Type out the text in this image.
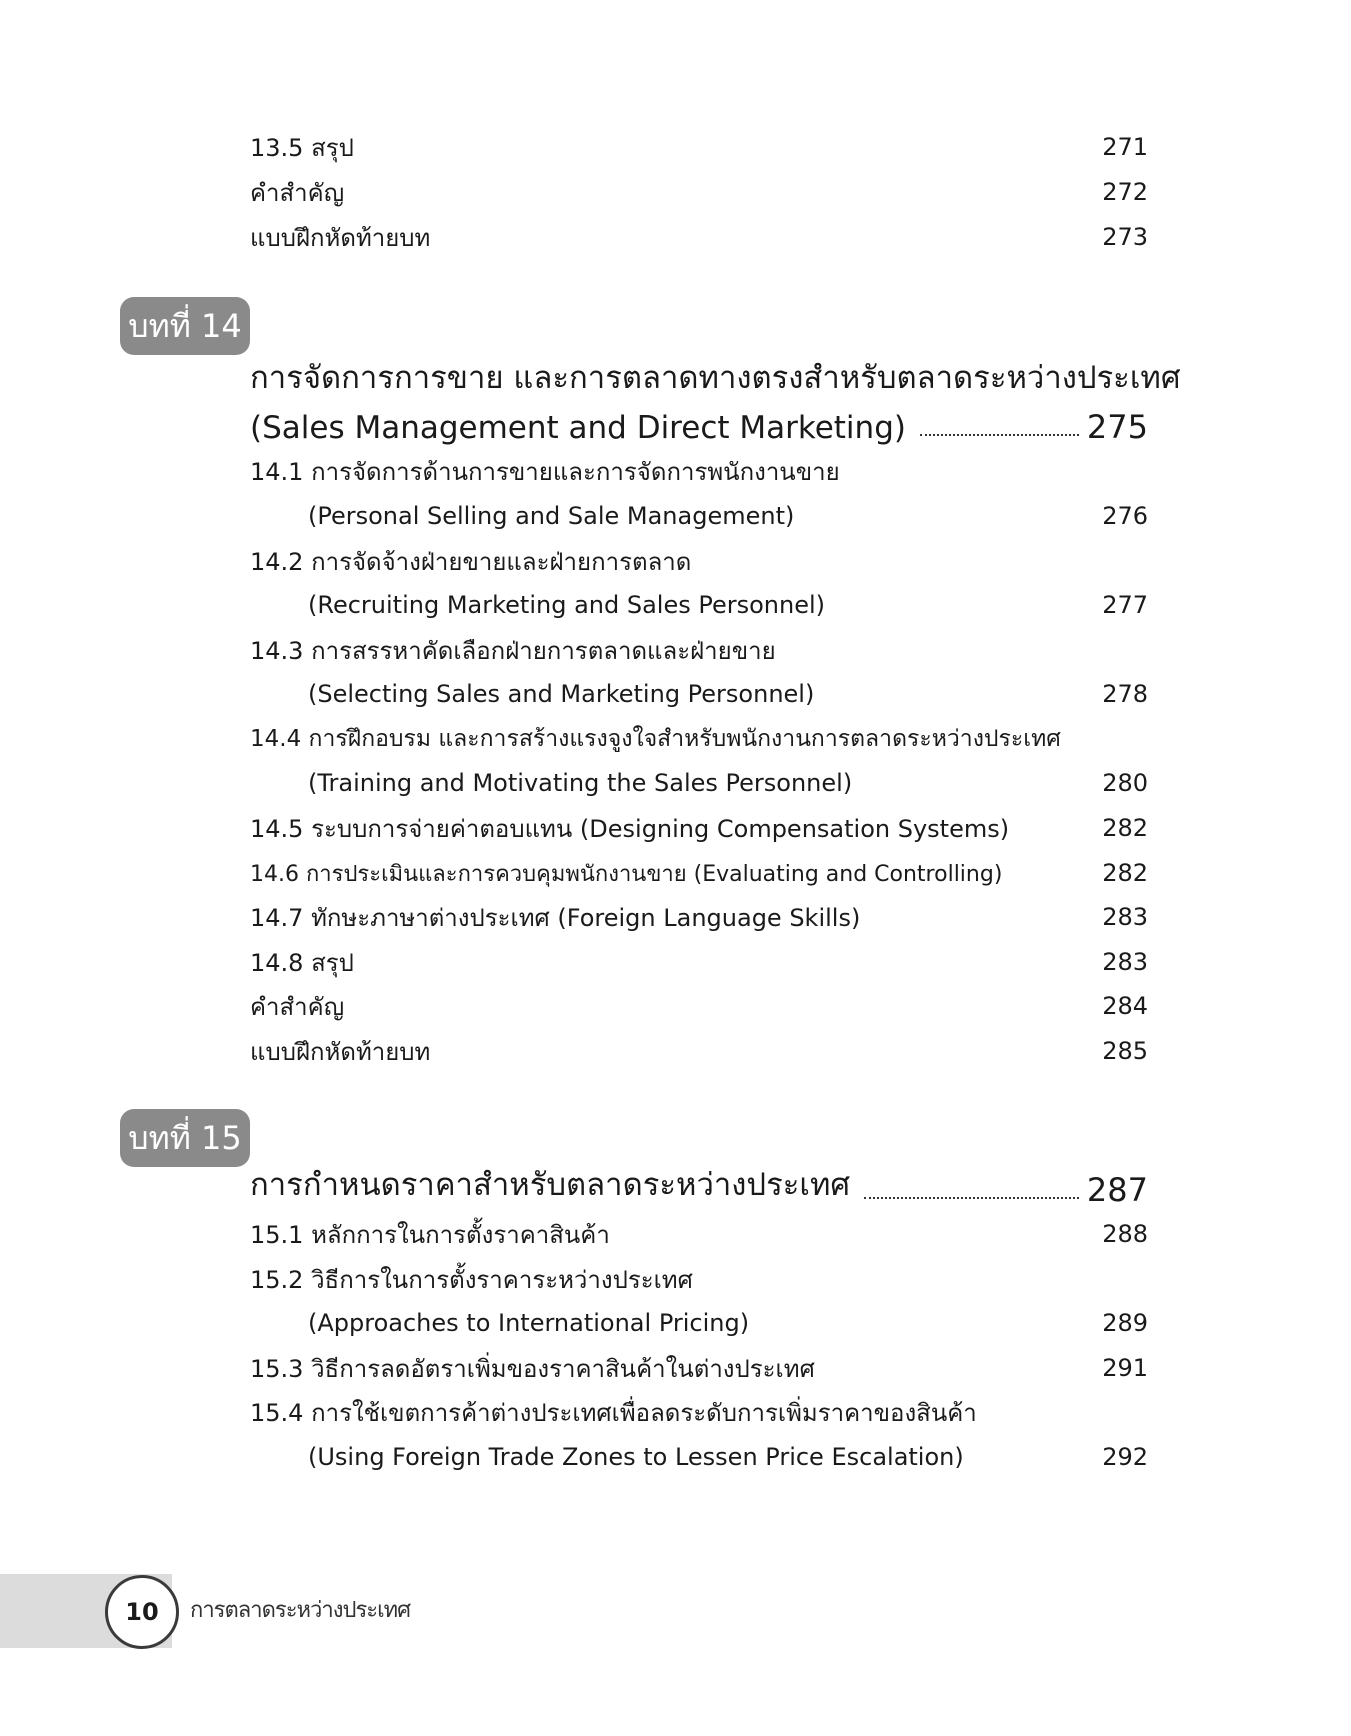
13.5 สรุป	271
คำสำคัญ	272
แบบฝึกหัดท้ายบท	273
บทที่ 14
การจัดการการขาย และการตลาดทางตรงสำหรับตลาดระหว่างประเทศ
(Sales Management and Direct Marketing)	275
14.1 การจัดการด้านการขายและการจัดการพนักงานขาย
(Personal Selling and Sale Management)	276
14.2 การจัดจ้างฝ่ายขายและฝ่ายการตลาด
(Recruiting Marketing and Sales Personnel)	277
14.3 การสรรหาคัดเลือกฝ่ายการตลาดและฝ่ายขาย
(Selecting Sales and Marketing Personnel)	278
14.4 การฝึกอบรม และการสร้างแรงจูงใจสำหรับพนักงานการตลาดระหว่างประเทศ
(Training and Motivating the Sales Personnel)	280
14.5 ระบบการจ่ายค่าตอบแทน (Designing Compensation Systems)	282
14.6 การประเมินและการควบคุมพนักงานขาย (Evaluating and Controlling)	282
14.7 ทักษะภาษาต่างประเทศ (Foreign Language Skills)	283
14.8 สรุป	283
คำสำคัญ	284
แบบฝึกหัดท้ายบท	285
บทที่ 15
การกำหนดราคาสำหรับตลาดระหว่างประเทศ	287
15.1 หลักการในการตั้งราคาสินค้า	288
15.2 วิธีการในการตั้งราคาระหว่างประเทศ
(Approaches to International Pricing)	289
15.3 วิธีการลดอัตราเพิ่มของราคาสินค้าในต่างประเทศ	291
15.4 การใช้เขตการค้าต่างประเทศเพื่อลดระดับการเพิ่มราคาของสินค้า
(Using Foreign Trade Zones to Lessen Price Escalation)	292
10	การตลาดระหว่างประเทศ
